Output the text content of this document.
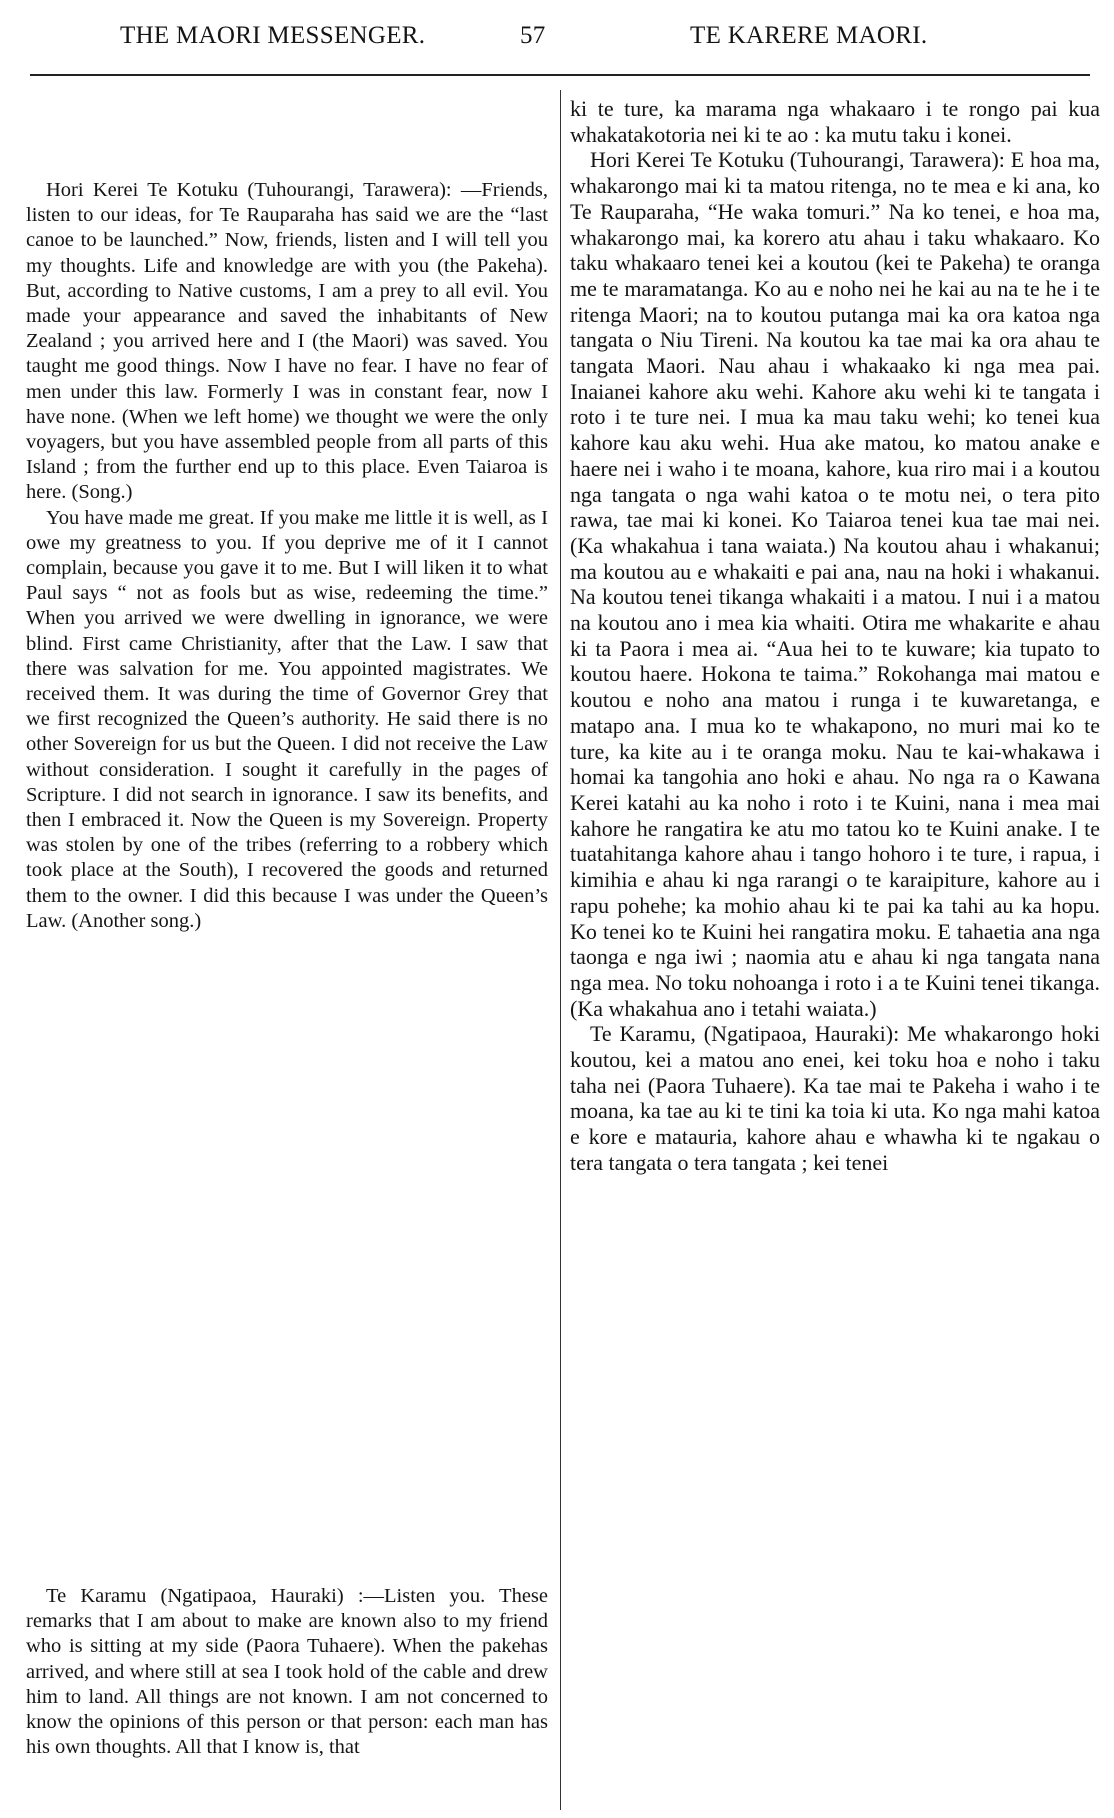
THE MAORI MESSENGER.	57	TE KARERE MAORI.

Hori Kerei Te Kotuku (Tuhourangi, Tarawera): —Friends, listen to our ideas, for Te Rauparaha has said we are the “last canoe to be launched.” Now, friends, listen and I will tell you my thoughts. Life and knowledge are with you (the Pakeha). But, according to Native customs, I am a prey to all evil. You made your appearance and saved the inhabitants of New Zealand ; you arrived here and I (the Maori) was saved. You taught me good things. Now I have no fear. I have no fear of men under this law. Formerly I was in constant fear, now I have none. (When we left home) we thought we were the only voyagers, but you have assembled people from all parts of this Island ; from the further end up to this place. Even Taiaroa is here. (Song.)

You have made me great. If you make me little it is well, as I owe my greatness to you. If you deprive me of it I cannot complain, because you gave it to me. But I will liken it to what Paul says “ not as fools but as wise, redeeming the time.” When you arrived we were dwelling in ignorance, we were blind. First came Christianity, after that the Law. I saw that there was salvation for me. You appointed magistrates. We received them. It was during the time of Governor Grey that we first recognized the Queen’s authority. He said there is no other Sovereign for us but the Queen. I did not receive the Law without consideration. I sought it carefully in the pages of Scripture. I did not search in ignorance. I saw its benefits, and then I embraced it. Now the Queen is my Sovereign. Property was stolen by one of the tribes (referring to a robbery which took place at the South), I recovered the goods and returned them to the owner. I did this because I was under the Queen’s Law. (Another song.)

Te Karamu (Ngatipaoa, Hauraki) :—Listen you. These remarks that I am about to make are known also to my friend who is sitting at my side (Paora Tuhaere). When the pakehas arrived, and where still at sea I took hold of the cable and drew him to land. All things are not known. I am not concerned to know the opinions of this person or that person: each man has his own thoughts. All that I know is, that

ki te ture, ka marama nga whakaaro i te rongo pai kua whakatakotoria nei ki te ao : ka mutu taku i konei.

Hori Kerei Te Kotuku (Tuhourangi, Tarawera): E hoa ma, whakarongo mai ki ta matou ritenga, no te mea e ki ana, ko Te Rauparaha, “He waka tomuri.” Na ko tenei, e hoa ma, whakarongo mai, ka korero atu ahau i taku whakaaro. Ko taku whakaaro tenei kei a koutou (kei te Pakeha) te oranga me te maramatanga. Ko au e noho nei he kai au na te he i te ritenga Maori; na to koutou putanga mai ka ora katoa nga tangata o Niu Tireni. Na koutou ka tae mai ka ora ahau te tangata Maori. Nau ahau i whakaako ki nga mea pai. Inaianei kahore aku wehi. Kahore aku wehi ki te tangata i roto i te ture nei. I mua ka mau taku wehi; ko tenei kua kahore kau aku wehi. Hua ake matou, ko matou anake e haere nei i waho i te moana, kahore, kua riro mai i a koutou nga tangata o nga wahi katoa o te motu nei, o tera pito rawa, tae mai ki konei. Ko Taiaroa tenei kua tae mai nei. (Ka whakahua i tana waiata.) Na koutou ahau i whakanui; ma koutou au e whakaiti e pai ana, nau na hoki i whakanui. Na koutou tenei tikanga whakaiti i a matou. I nui i a matou na koutou ano i mea kia whaiti. Otira me whakarite e ahau ki ta Paora i mea ai. “Aua hei to te kuware; kia tupato to koutou haere. Hokona te taima.” Rokohanga mai matou e koutou e noho ana matou i runga i te kuwaretanga, e matapo ana. I mua ko te whakapono, no muri mai ko te ture, ka kite au i te oranga moku. Nau te kai-whakawa i homai ka tangohia ano hoki e ahau. No nga ra o Kawana Kerei katahi au ka noho i roto i te Kuini, nana i mea mai kahore he rangatira ke atu mo tatou ko te Kuini anake. I te tuatahitanga kahore ahau i tango hohoro i te ture, i rapua, i kimihia e ahau ki nga rarangi o te karaipiture, kahore au i rapu pohehe; ka mohio ahau ki te pai ka tahi au ka hopu. Ko tenei ko te Kuini hei rangatira moku. E tahaetia ana nga taonga e nga iwi ; naomia atu e ahau ki nga tangata nana nga mea. No toku nohoanga i roto i a te Kuini tenei tikanga. (Ka whakahua ano i tetahi waiata.)

Te Karamu, (Ngatipaoa, Hauraki): Me whakarongo hoki koutou, kei a matou ano enei, kei toku hoa e noho i taku taha nei (Paora Tuhaere). Ka tae mai te Pakeha i waho i te moana, ka tae au ki te tini ka toia ki uta. Ko nga mahi katoa e kore e matauria, kahore ahau e whawha ki te ngakau o tera tangata o tera tangata ; kei tenei
